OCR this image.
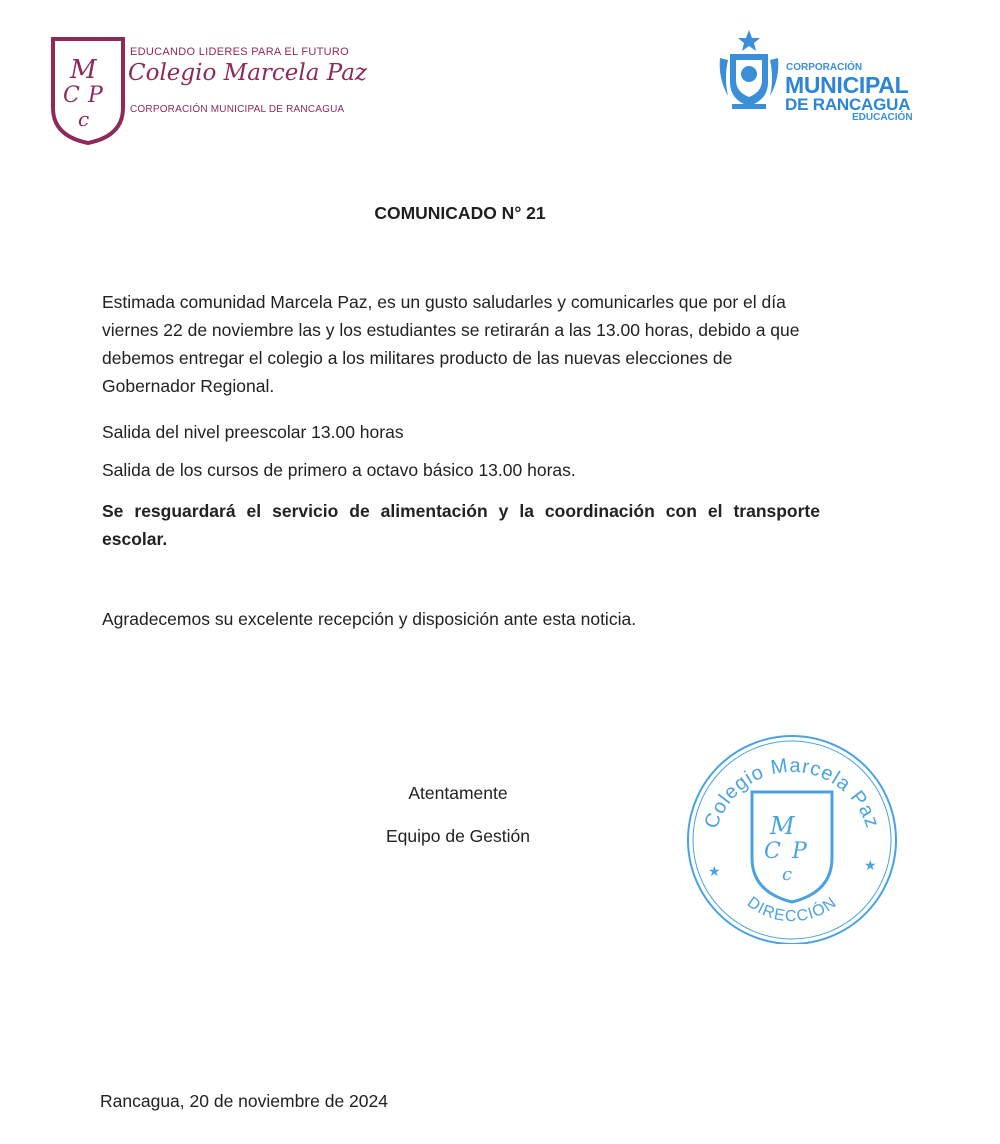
M
C P
c
EDUCANDO LIDERES PARA EL FUTURO
Colegio Marcela Paz
CORPORACIÓN MUNICIPAL DE RANCAGUA
CORPORACIÓN
MUNICIPAL
DE RANCAGUA
EDUCACIÓN
COMUNICADO N° 21
Estimada comunidad Marcela Paz, es un gusto saludarles y comunicarles que por el día viernes 22 de noviembre las y los estudiantes se retirarán a las 13.00 horas, debido a que debemos entregar el colegio a los militares producto de las nuevas elecciones de Gobernador Regional.
Salida del nivel preescolar 13.00 horas
Salida de los cursos de primero a octavo básico 13.00 horas.
Se resguardará el servicio de alimentación y la coordinación con el transporte escolar.
Agradecemos su excelente recepción y disposición ante esta noticia.
Atentamente
Equipo de Gestión
Colegio Marcela Paz
DIRECCIÓN
★	★
M
C P
c
Rancagua, 20 de noviembre de 2024
